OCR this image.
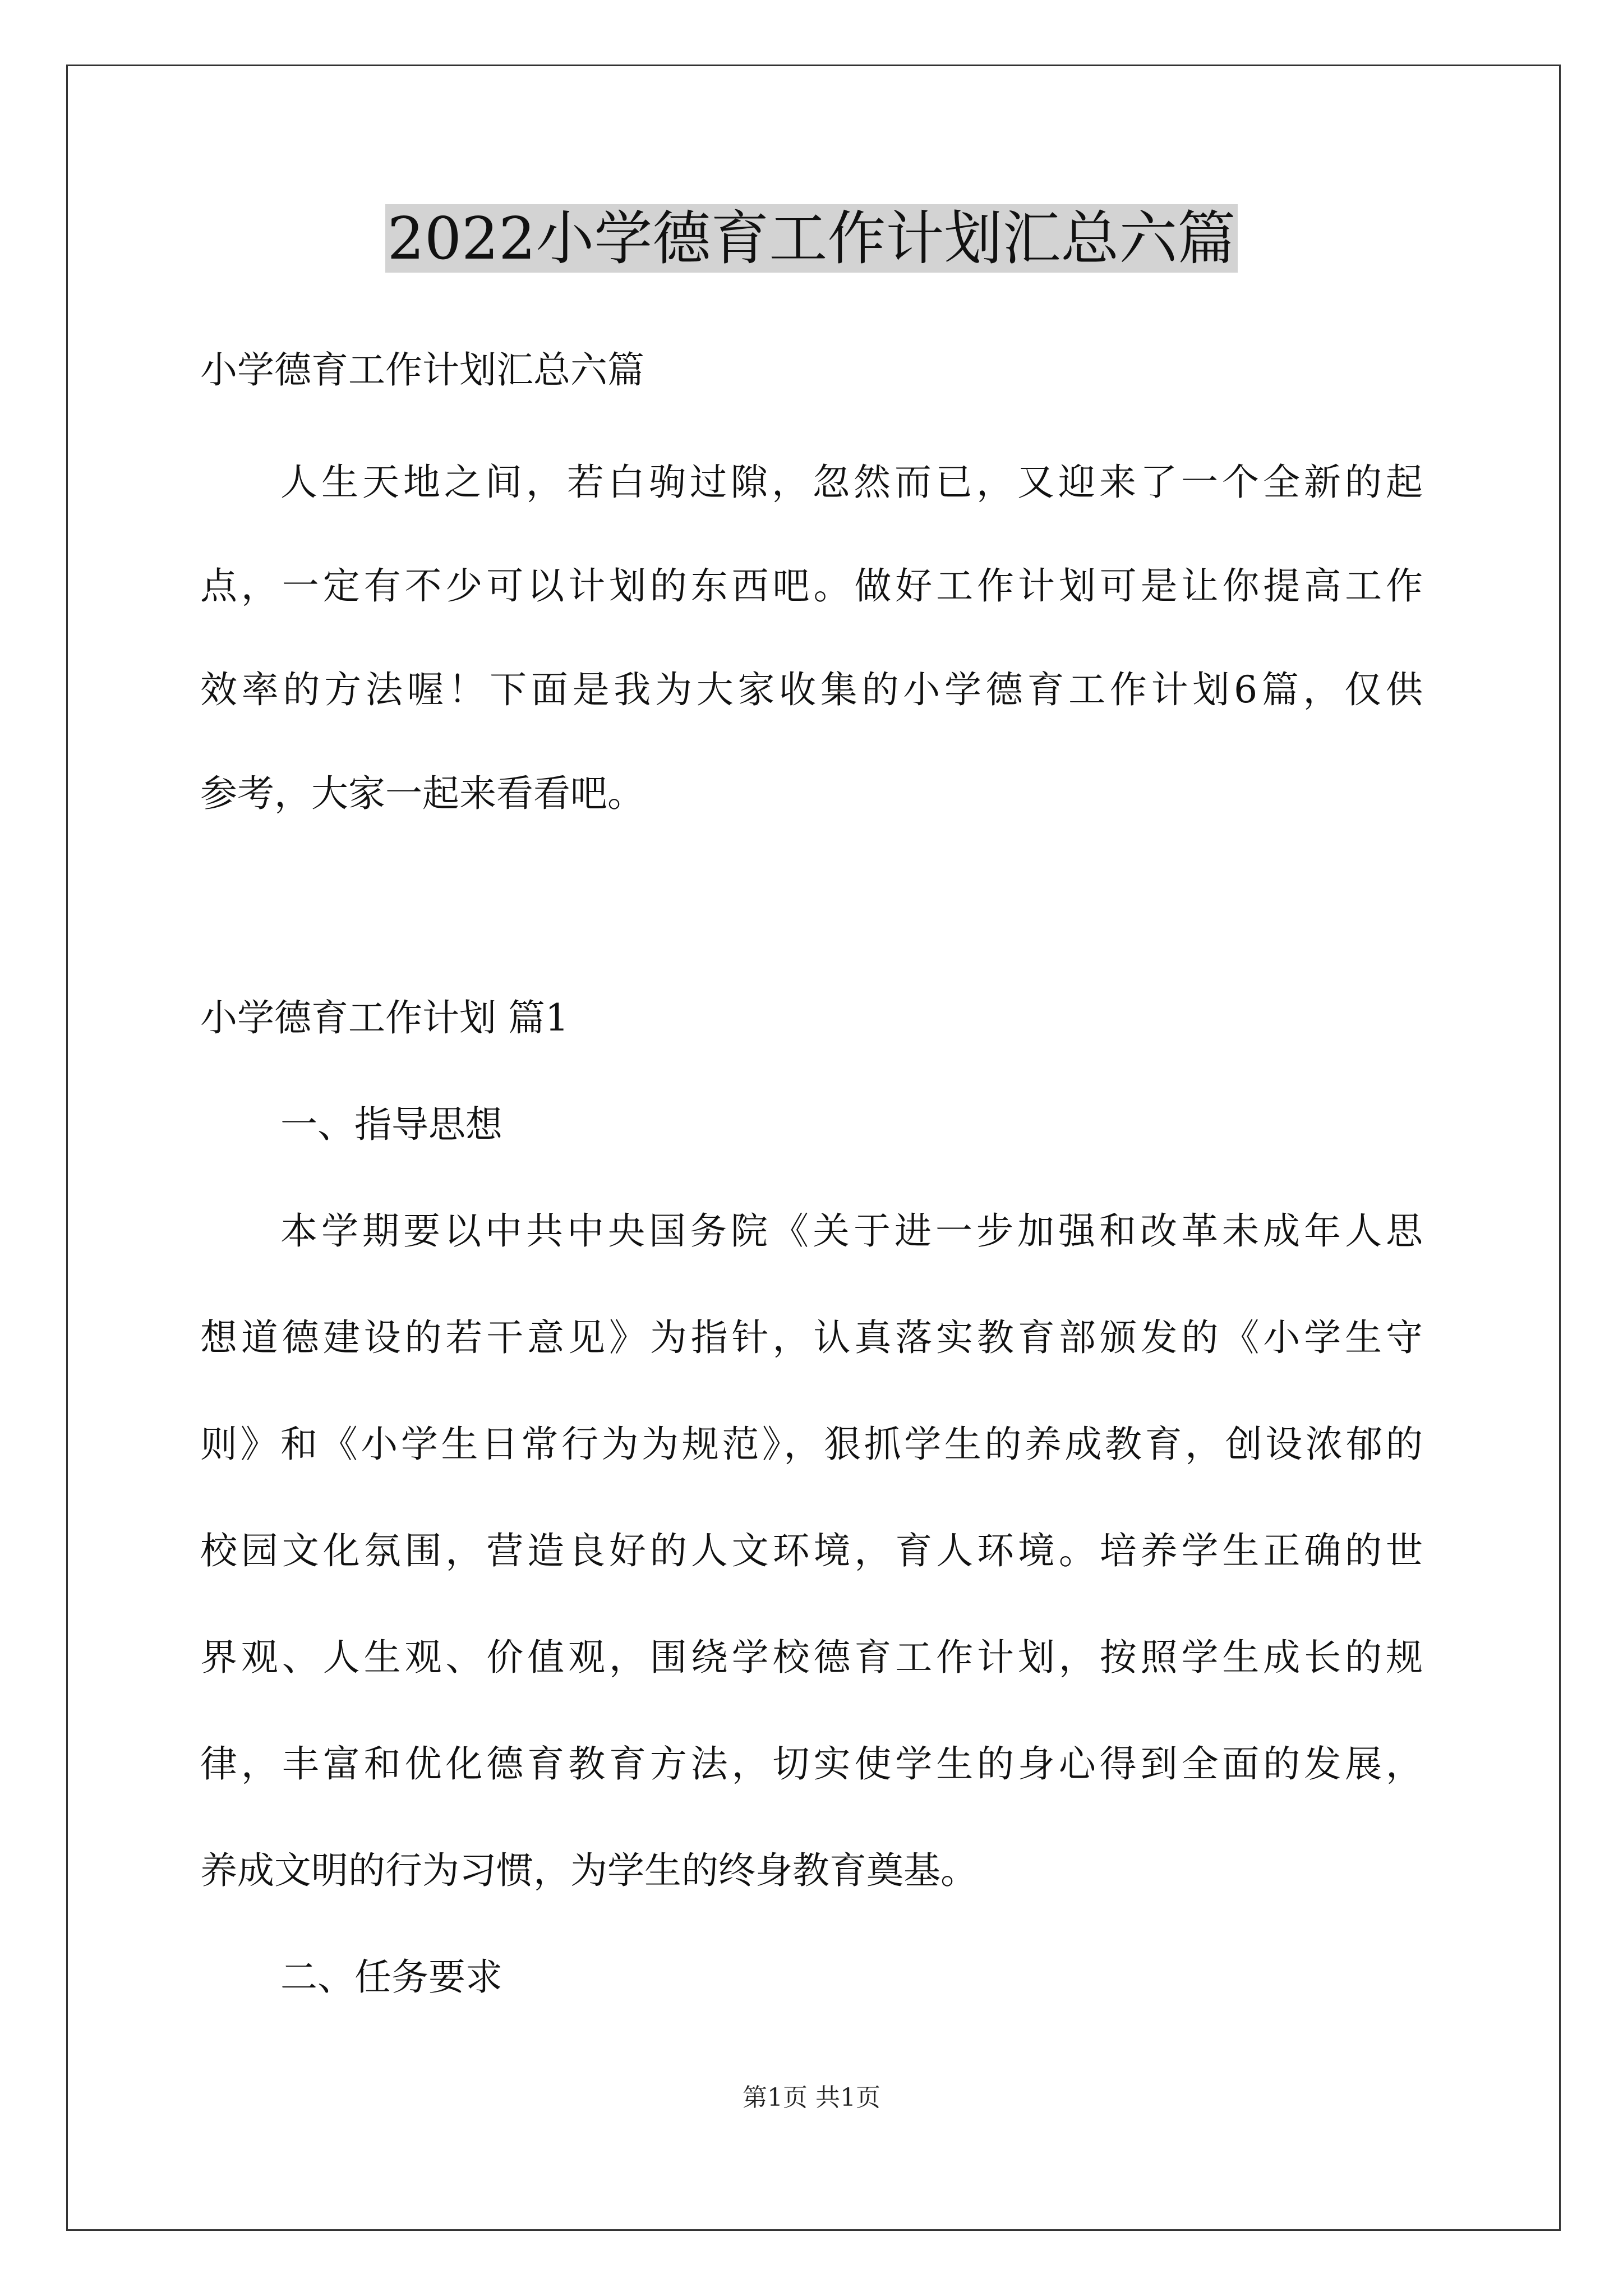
2022小学德育工作计划汇总六篇
小学德育工作计划汇总六篇
人生天地之间，若白驹过隙，忽然而已，又迎来了一个全新的起
点，一定有不少可以计划的东西吧。做好工作计划可是让你提高工作
效率的方法喔！下面是我为大家收集的小学德育工作计划6篇，仅供
参考，大家一起来看看吧。
小学德育工作计划 篇1
一、指导思想
本学期要以中共中央国务院《关于进一步加强和改革未成年人思
想道德建设的若干意见》为指针，认真落实教育部颁发的《小学生守
则》和《小学生日常行为为规范》，狠抓学生的养成教育，创设浓郁的
校园文化氛围，营造良好的人文环境，育人环境。培养学生正确的世
界观、人生观、价值观，围绕学校德育工作计划，按照学生成长的规
律，丰富和优化德育教育方法，切实使学生的身心得到全面的发展，
养成文明的行为习惯，为学生的终身教育奠基。
二、任务要求
第1页 共1页
